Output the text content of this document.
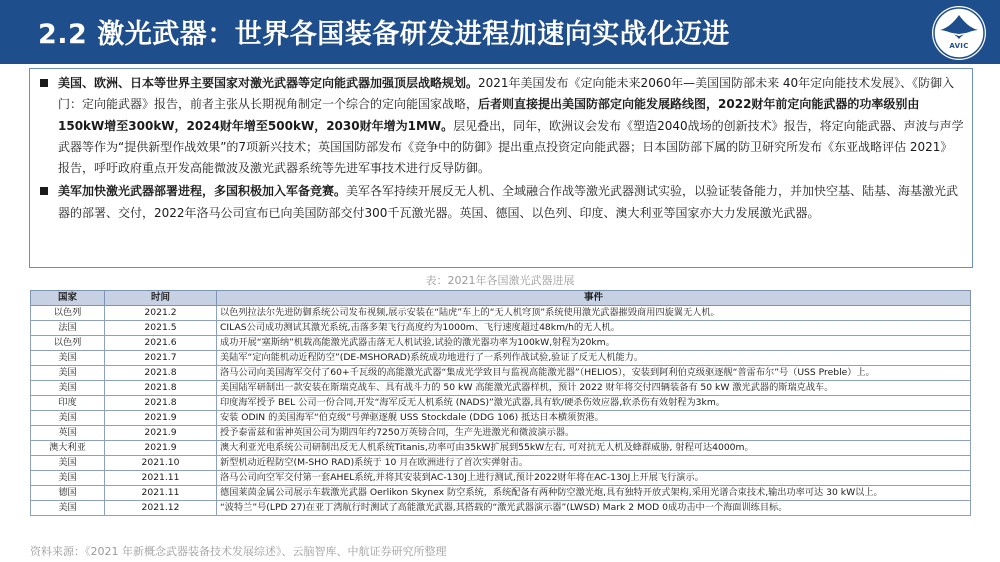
2.2 激光武器：世界各国装备研发进程加速向实战化迈进	AVIC
美国、欧洲、日本等世界主要国家对激光武器等定向能武器加强顶层战略规划。2021年美国发布《定向能未来2060年—美国国防部未来 40年定向能技术发展》、《防御入门：定向能武器》报告，前者主张从长期视角制定一个综合的定向能国家战略，后者则直接提出美国防部定向能发展路线图，2022财年前定向能武器的功率级别由150kW增至300kW，2024财年增至500kW，2030财年增为1MW。层见叠出，同年，欧洲议会发布《塑造2040战场的创新技术》报告，将定向能武器、声波与声学武器等作为“提供新型作战效果”的7项新兴技术；英国国防部发布《竞争中的防御》提出重点投资定向能武器；日本国防部下属的防卫研究所发布《东亚战略评估 2021》报告，呼吁政府重点开发高能微波及激光武器系统等先进军事技术进行反导防御。
美军加快激光武器部署进程，多国积极加入军备竞赛。美军各军持续开展反无人机、全域融合作战等激光武器测试实验，以验证装备能力，并加快空基、陆基、海基激光武器的部署、交付，2022年洛马公司宣布已向美国防部交付300千瓦激光器。英国、德国、以色列、印度、澳大利亚等国家亦大力发展激光武器。
表：2021年各国激光武器进展
国家	时间	事件
以色列	2021.2	以色列拉法尔先进防御系统公司发布视频,展示安装在“陆虎”车上的“无人机穹顶”系统使用激光武器摧毁商用四旋翼无人机。
法国	2021.5	CILAS公司成功测试其激光系统,击落多架飞行高度约为1000m、飞行速度超过48km/h的无人机。
以色列	2021.6	成功开展“塞斯纳”机载高能激光武器击落无人机试验,试验的激光器功率为100kW,射程为20km。
美国	2021.7	美陆军“定向能机动近程防空”(DE-MSHORAD)系统成功地进行了一系列作战试验,验证了反无人机能力。
美国	2021.8	洛马公司向美国海军交付了60+千瓦级的高能激光武器“集成光学致目与监视高能激光器”（HELIOS），安装到阿利伯克级驱逐舰“普雷布尔”号（USS Preble）上。
美国	2021.8	美国陆军研制出一款安装在斯瑞克战车、具有战斗力的 50 kW 高能激光武器样机，预计 2022 财年将交付四辆装备有 50 kW 激光武器的斯瑞克战车。
印度	2021.8	印度海军授予 BEL 公司一份合同,开发“海军反无人机系统 (NADS)”激光武器,具有软/硬杀伤效应器,软杀伤有效射程为3km。
美国	2021.9	安装 ODIN 的美国海军“伯克级”号弹驱逐舰 USS Stockdale (DDG 106) 抵达日本横须贺港。
英国	2021.9	授予泰雷兹和雷神英国公司为期四年约7250万英镑合同，生产先进激光和微波演示器。
澳大利亚	2021.9	澳大利亚光电系统公司研制出反无人机系统Titanis,功率可由35kW扩展到55kW左右, 可对抗无人机及蜂群威胁, 射程可达4000m。
美国	2021.10	新型机动近程防空(M-SHO RAD)系统于 10 月在欧洲进行了首次实弹射击。
美国	2021.11	洛马公司向空军交付第一套AHEL系统,并将其安装到AC-130J上进行测试,预计2022财年将在AC-130J上开展飞行演示。
德国	2021.11	德国莱茵金属公司展示车载激光武器 Oerlikon Skynex 防空系统，系统配备有两种防空激光炮,具有独特开放式架构,采用光谱合束技术,输出功率可达 30 kW以上。
美国	2021.12	“波特兰”号(LPD 27)在亚丁湾航行时测试了高能激光武器,其搭载的“激光武器演示器”(LWSD) Mark 2 MOD 0成功击中一个海面训练目标。
资料来源：《2021 年新概念武器装备技术发展综述》、云脑智库、中航证券研究所整理
